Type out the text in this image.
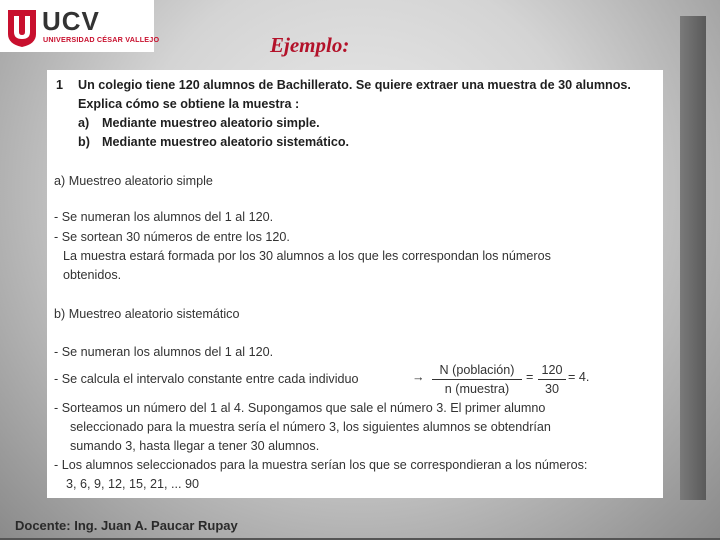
UCV
UNIVERSIDAD CÉSAR VALLEJO	Ejemplo:
1 Un colegio tiene 120 alumnos de Bachillerato. Se quiere extraer una muestra de 30 alumnos. Explica cómo se obtiene la muestra :
a) Mediante muestreo aleatorio simple.
b) Mediante muestreo aleatorio sistemático.
a) Muestreo aleatorio simple
- Se numeran los alumnos del 1 al 120.
- Se sortean 30 números de entre los 120.
La muestra estará formada por los 30 alumnos a los que les correspondan los números
obtenidos.
b) Muestreo aleatorio sistemático
- Se numeran los alumnos del 1 al 120.
- Se calcula el intervalo constante entre cada individuo	→	N (población)
n (muestra)
= 120
30
= 4.
- Sorteamos un número del 1 al 4. Supongamos que sale el número 3. El primer alumno
seleccionado para la muestra sería el número 3, los siguientes alumnos se obtendrían
sumando 3, hasta llegar a tener 30 alumnos.
- Los alumnos seleccionados para la muestra serían los que se correspondieran a los números:
3, 6, 9, 12, 15, 21, ... 90
Docente: Ing. Juan A. Paucar Rupay
